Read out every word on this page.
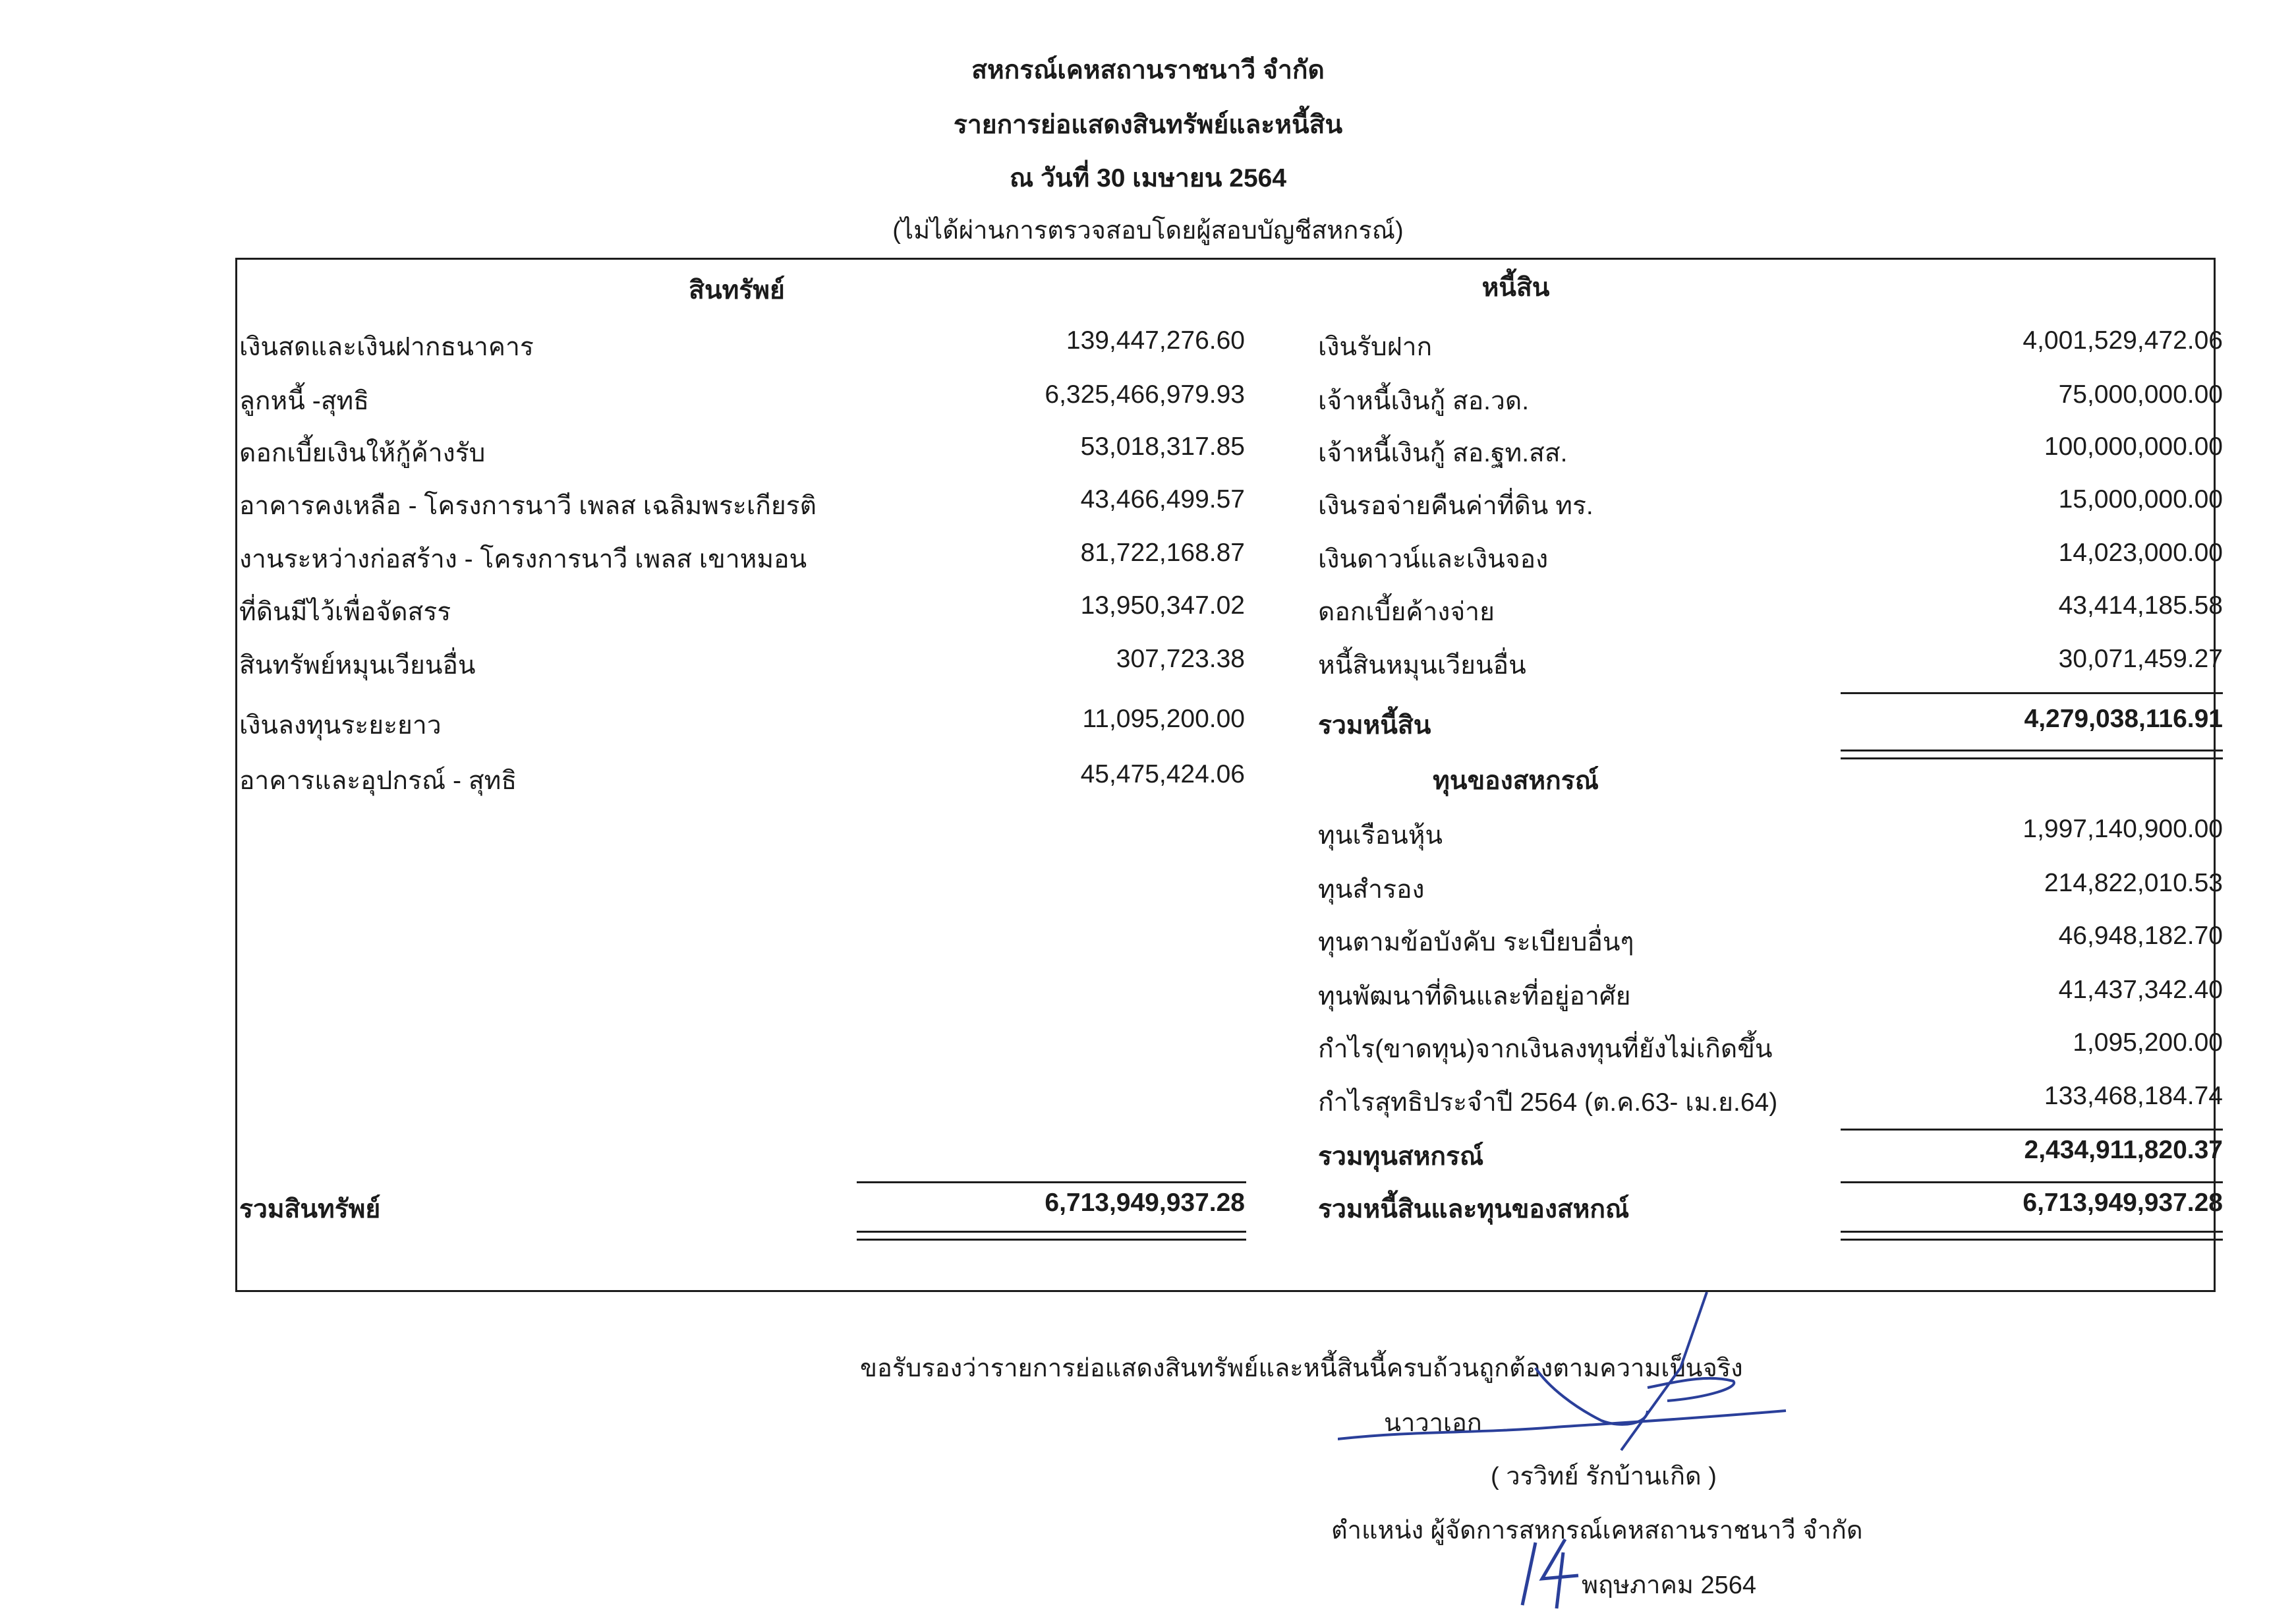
สหกรณ์เคหสถานราชนาวี จำกัด
รายการย่อแสดงสินทรัพย์และหนี้สิน
ณ วันที่ 30 เมษายน 2564
(ไม่ได้ผ่านการตรวจสอบโดยผู้สอบบัญชีสหกรณ์)
สินทรัพย์	หนี้สิน
เงินสดและเงินฝากธนาคาร	139,447,276.60
ลูกหนี้ -สุทธิ	6,325,466,979.93
ดอกเบี้ยเงินให้กู้ค้างรับ	53,018,317.85
อาคารคงเหลือ - โครงการนาวี เพลส เฉลิมพระเกียรติ	43,466,499.57
งานระหว่างก่อสร้าง - โครงการนาวี เพลส เขาหมอน	81,722,168.87
ที่ดินมีไว้เพื่อจัดสรร	13,950,347.02
สินทรัพย์หมุนเวียนอื่น	307,723.38
เงินลงทุนระยะยาว	11,095,200.00
อาคารและอุปกรณ์ - สุทธิ	45,475,424.06
เงินรับฝาก	4,001,529,472.06
เจ้าหนี้เงินกู้ สอ.วด.	75,000,000.00
เจ้าหนี้เงินกู้ สอ.ฐท.สส.	100,000,000.00
เงินรอจ่ายคืนค่าที่ดิน ทร.	15,000,000.00
เงินดาวน์และเงินจอง	14,023,000.00
ดอกเบี้ยค้างจ่าย	43,414,185.58
หนี้สินหมุนเวียนอื่น	30,071,459.27
รวมหนี้สิน	4,279,038,116.91
ทุนของสหกรณ์
ทุนเรือนหุ้น	1,997,140,900.00
ทุนสำรอง	214,822,010.53
ทุนตามข้อบังคับ ระเบียบอื่นๆ	46,948,182.70
ทุนพัฒนาที่ดินและที่อยู่อาศัย	41,437,342.40
กำไร(ขาดทุน)จากเงินลงทุนที่ยังไม่เกิดขึ้น	1,095,200.00
กำไรสุทธิประจำปี 2564 (ต.ค.63- เม.ย.64)	133,468,184.74
รวมทุนสหกรณ์	2,434,911,820.37
รวมสินทรัพย์	6,713,949,937.28	รวมหนี้สินและทุนของสหกณ์	6,713,949,937.28
ขอรับรองว่ารายการย่อแสดงสินทรัพย์และหนี้สินนี้ครบถ้วนถูกต้องตามความเป็นจริง
นาวาเอก
( วรวิทย์ รักบ้านเกิด )
ตำแหน่ง ผู้จัดการสหกรณ์เคหสถานราชนาวี จำกัด
พฤษภาคม 2564
